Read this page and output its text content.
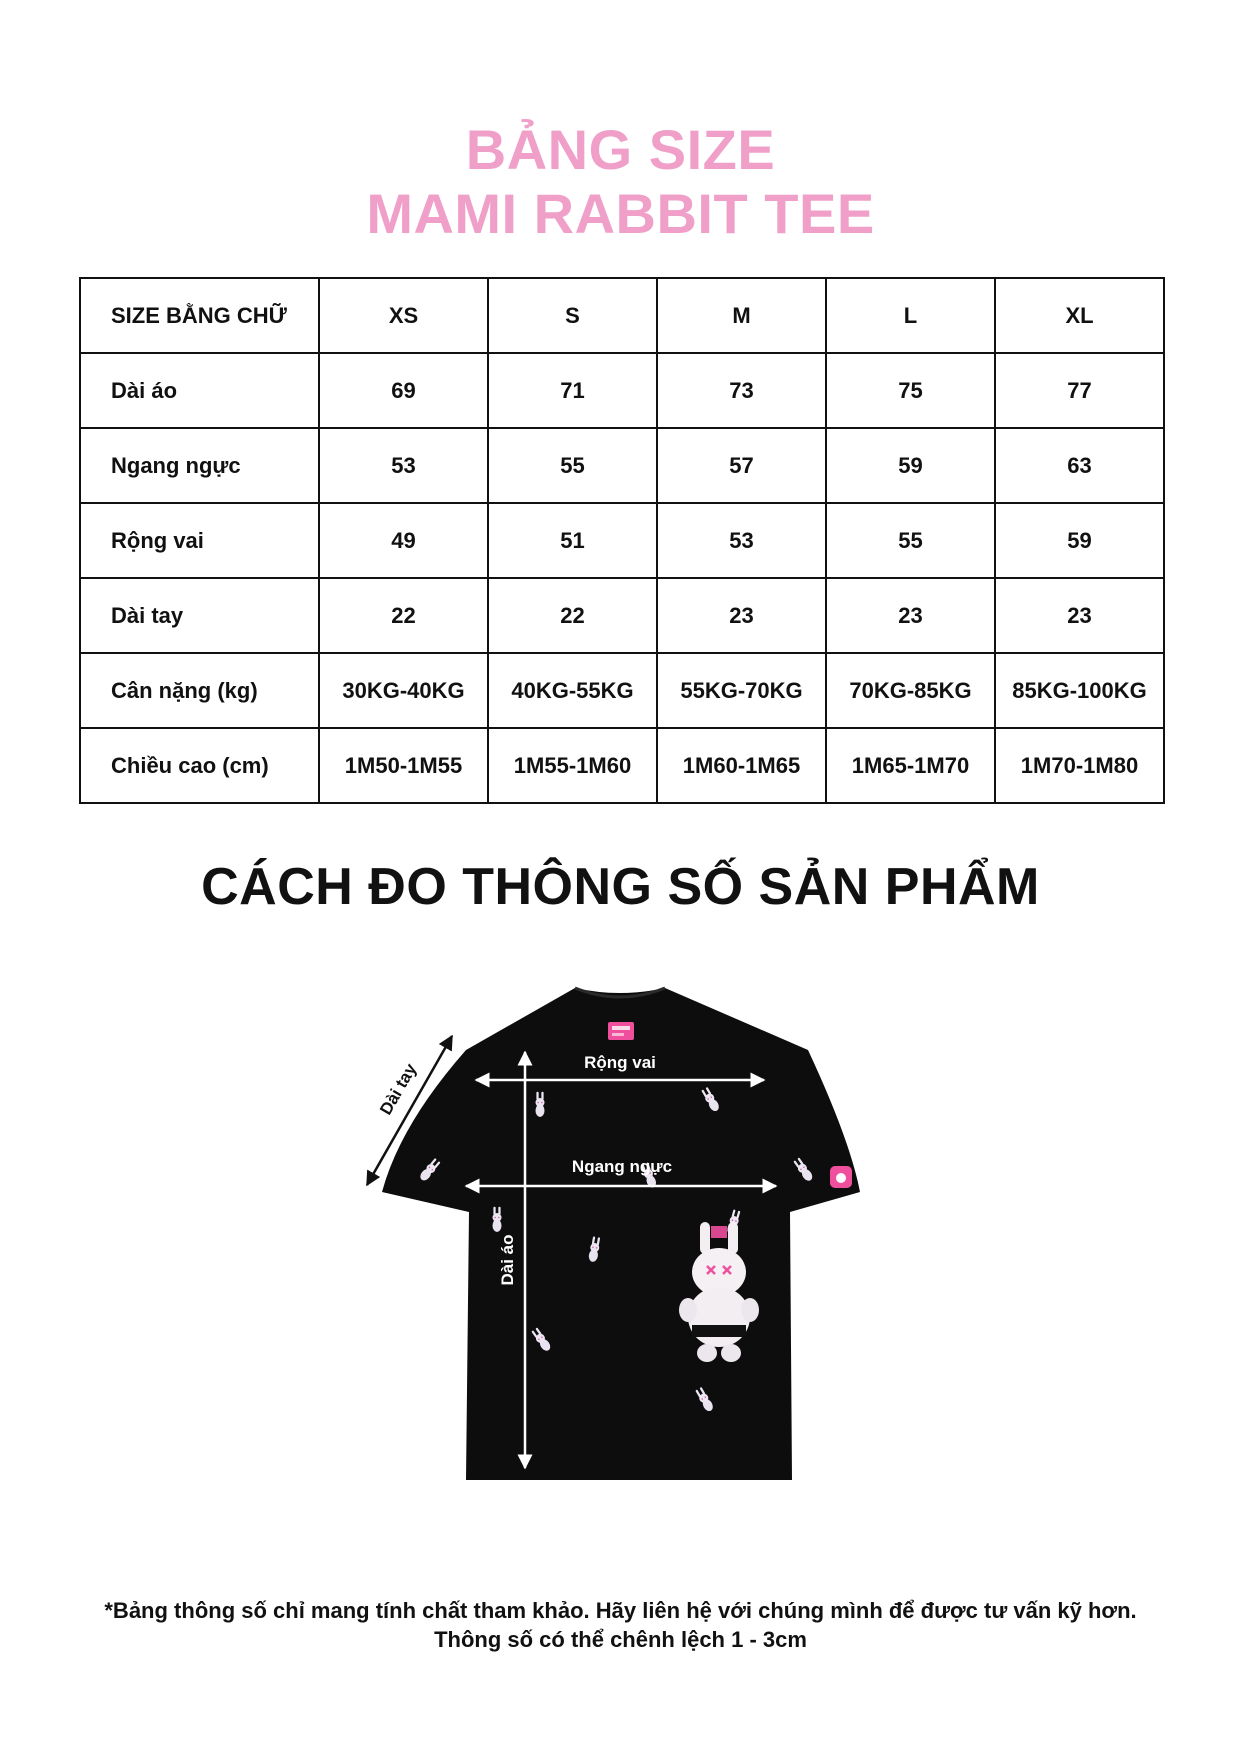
BẢNG SIZE
MAMI RABBIT TEE
SIZE BẰNG CHỮ	XS	S	M	L	XL
Dài áo	69	71	73	75	77
Ngang ngực	53	55	57	59	63
Rộng vai	49	51	53	55	59
Dài tay	22	22	23	23	23
Cân nặng (kg)	30KG-40KG	40KG-55KG	55KG-70KG	70KG-85KG	85KG-100KG
Chiều cao (cm)	1M50-1M55	1M55-1M60	1M60-1M65	1M65-1M70	1M70-1M80
CÁCH ĐO THÔNG SỐ SẢN PHẨM
Rộng vai
Ngang ngực
Dài áo
Dài tay
*Bảng thông số chỉ mang tính chất tham khảo. Hãy liên hệ với chúng mình để được tư vấn kỹ hơn.
Thông số có thể chênh lệch 1 - 3cm
